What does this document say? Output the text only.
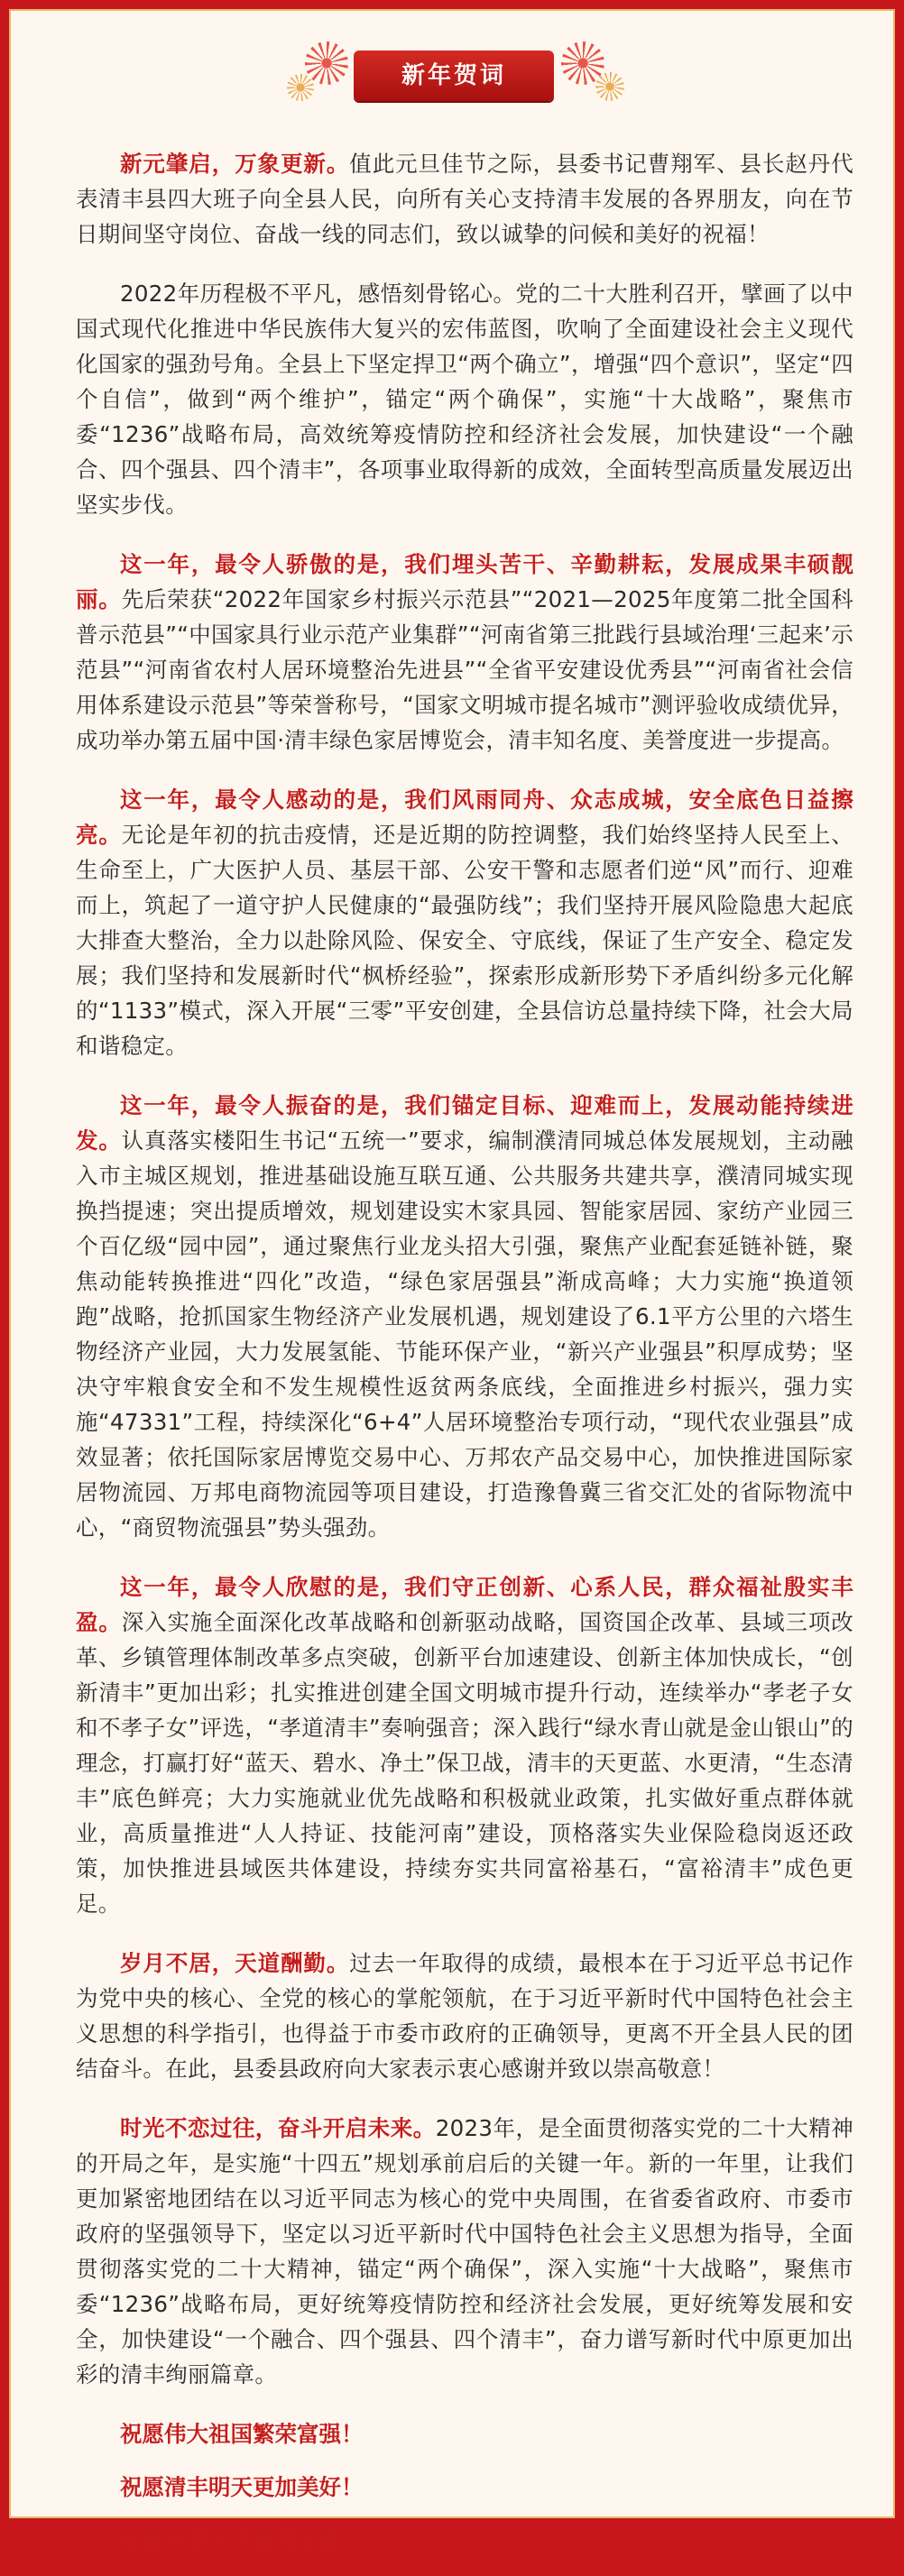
新年贺词

新元肇启，万象更新。值此元旦佳节之际，县委书记曹翔军、县长赵丹代表清丰县四大班子向全县人民，向所有关心支持清丰发展的各界朋友，向在节日期间坚守岗位、奋战一线的同志们，致以诚挚的问候和美好的祝福！

2022年历程极不平凡，感悟刻骨铭心。党的二十大胜利召开，擘画了以中国式现代化推进中华民族伟大复兴的宏伟蓝图，吹响了全面建设社会主义现代化国家的强劲号角。全县上下坚定捍卫“两个确立”，增强“四个意识”，坚定“四个自信”，做到“两个维护”，锚定“两个确保”，实施“十大战略”，聚焦市委“1236”战略布局，高效统筹疫情防控和经济社会发展，加快建设“一个融合、四个强县、四个清丰”，各项事业取得新的成效，全面转型高质量发展迈出坚实步伐。

这一年，最令人骄傲的是，我们埋头苦干、辛勤耕耘，发展成果丰硕靓丽。先后荣获“2022年国家乡村振兴示范县”“2021—2025年度第二批全国科普示范县”“中国家具行业示范产业集群”“河南省第三批践行县域治理‘三起来’示范县”“河南省农村人居环境整治先进县”“全省平安建设优秀县”“河南省社会信用体系建设示范县”等荣誉称号，“国家文明城市提名城市”测评验收成绩优异，成功举办第五届中国·清丰绿色家居博览会，清丰知名度、美誉度进一步提高。

这一年，最令人感动的是，我们风雨同舟、众志成城，安全底色日益擦亮。无论是年初的抗击疫情，还是近期的防控调整，我们始终坚持人民至上、生命至上，广大医护人员、基层干部、公安干警和志愿者们逆“风”而行、迎难而上，筑起了一道守护人民健康的“最强防线”；我们坚持开展风险隐患大起底大排查大整治，全力以赴除风险、保安全、守底线，保证了生产安全、稳定发展；我们坚持和发展新时代“枫桥经验”，探索形成新形势下矛盾纠纷多元化解的“1133”模式，深入开展“三零”平安创建，全县信访总量持续下降，社会大局和谐稳定。

这一年，最令人振奋的是，我们锚定目标、迎难而上，发展动能持续进发。认真落实楼阳生书记“五统一”要求，编制濮清同城总体发展规划，主动融入市主城区规划，推进基础设施互联互通、公共服务共建共享，濮清同城实现换挡提速；突出提质增效，规划建设实木家具园、智能家居园、家纺产业园三个百亿级“园中园”，通过聚焦行业龙头招大引强，聚焦产业配套延链补链，聚焦动能转换推进“四化”改造，“绿色家居强县”渐成高峰；大力实施“换道领跑”战略，抢抓国家生物经济产业发展机遇，规划建设了6.1平方公里的六塔生物经济产业园，大力发展氢能、节能环保产业，“新兴产业强县”积厚成势；坚决守牢粮食安全和不发生规模性返贫两条底线，全面推进乡村振兴，强力实施“47331”工程，持续深化“6+4”人居环境整治专项行动，“现代农业强县”成效显著；依托国际家居博览交易中心、万邦农产品交易中心，加快推进国际家居物流园、万邦电商物流园等项目建设，打造豫鲁冀三省交汇处的省际物流中心，“商贸物流强县”势头强劲。

这一年，最令人欣慰的是，我们守正创新、心系人民，群众福祉殷实丰盈。深入实施全面深化改革战略和创新驱动战略，国资国企改革、县域三项改革、乡镇管理体制改革多点突破，创新平台加速建设、创新主体加快成长，“创新清丰”更加出彩；扎实推进创建全国文明城市提升行动，连续举办“孝老子女和不孝子女”评选，“孝道清丰”奏响强音；深入践行“绿水青山就是金山银山”的理念，打赢打好“蓝天、碧水、净土”保卫战，清丰的天更蓝、水更清，“生态清丰”底色鲜亮；大力实施就业优先战略和积极就业政策，扎实做好重点群体就业，高质量推进“人人持证、技能河南”建设，顶格落实失业保险稳岗返还政策，加快推进县域医共体建设，持续夯实共同富裕基石，“富裕清丰”成色更足。

岁月不居，天道酬勤。过去一年取得的成绩，最根本在于习近平总书记作为党中央的核心、全党的核心的掌舵领航，在于习近平新时代中国特色社会主义思想的科学指引，也得益于市委市政府的正确领导，更离不开全县人民的团结奋斗。在此，县委县政府向大家表示衷心感谢并致以崇高敬意！

时光不恋过往，奋斗开启未来。2023年，是全面贯彻落实党的二十大精神的开局之年，是实施“十四五”规划承前启后的关键一年。新的一年里，让我们更加紧密地团结在以习近平同志为核心的党中央周围，在省委省政府、市委市政府的坚强领导下，坚定以习近平新时代中国特色社会主义思想为指导，全面贯彻落实党的二十大精神，锚定“两个确保”，深入实施“十大战略”，聚焦市委“1236”战略布局，更好统筹疫情防控和经济社会发展，更好统筹发展和安全，加快建设“一个融合、四个强县、四个清丰”，奋力谱写新时代中原更加出彩的清丰绚丽篇章。

祝愿伟大祖国繁荣富强！
祝愿清丰明天更加美好！
祝愿全县人民幸福安康！
